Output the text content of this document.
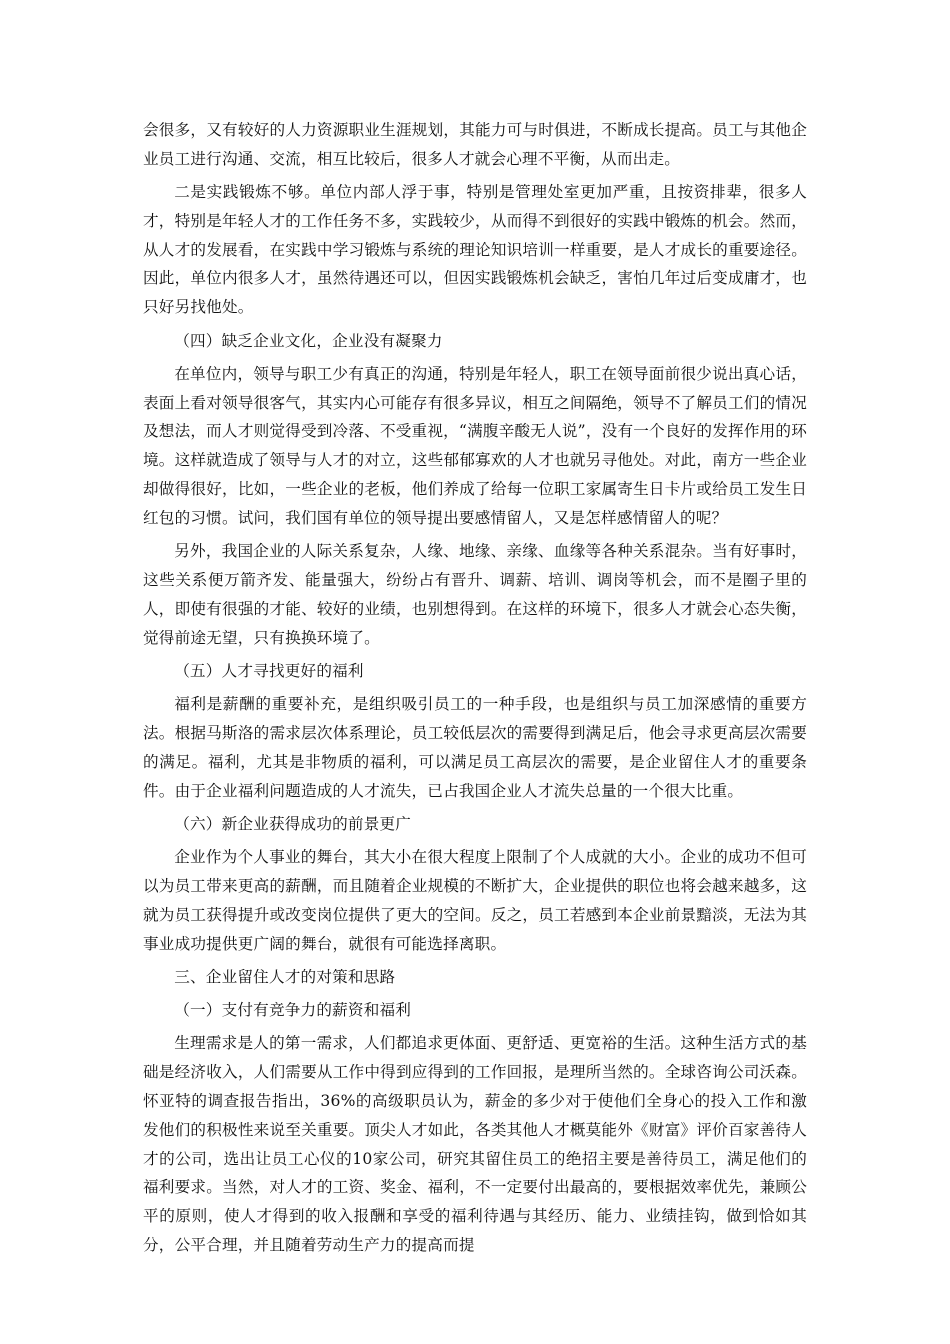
会很多，又有较好的人力资源职业生涯规划，其能力可与时俱进，不断成长提高。员工与其他企业员工进行沟通、交流，相互比较后，很多人才就会心理不平衡，从而出走。

二是实践锻炼不够。单位内部人浮于事，特别是管理处室更加严重，且按资排辈，很多人才，特别是年轻人才的工作任务不多，实践较少，从而得不到很好的实践中锻炼的机会。然而，从人才的发展看，在实践中学习锻炼与系统的理论知识培训一样重要，是人才成长的重要途径。因此，单位内很多人才，虽然待遇还可以，但因实践锻炼机会缺乏，害怕几年过后变成庸才，也只好另找他处。

（四）缺乏企业文化，企业没有凝聚力

在单位内，领导与职工少有真正的沟通，特别是年轻人，职工在领导面前很少说出真心话，表面上看对领导很客气，其实内心可能存有很多异议，相互之间隔绝，领导不了解员工们的情况及想法，而人才则觉得受到冷落、不受重视，“满腹辛酸无人说”，没有一个良好的发挥作用的环境。这样就造成了领导与人才的对立，这些郁郁寡欢的人才也就另寻他处。对此，南方一些企业却做得很好，比如，一些企业的老板，他们养成了给每一位职工家属寄生日卡片或给员工发生日红包的习惯。试问，我们国有单位的领导提出要感情留人，又是怎样感情留人的呢？

另外，我国企业的人际关系复杂，人缘、地缘、亲缘、血缘等各种关系混杂。当有好事时，这些关系便万箭齐发、能量强大，纷纷占有晋升、调薪、培训、调岗等机会，而不是圈子里的人，即使有很强的才能、较好的业绩，也别想得到。在这样的环境下，很多人才就会心态失衡，觉得前途无望，只有换换环境了。

（五）人才寻找更好的福利

福利是薪酬的重要补充，是组织吸引员工的一种手段，也是组织与员工加深感情的重要方法。根据马斯洛的需求层次体系理论，员工较低层次的需要得到满足后，他会寻求更高层次需要的满足。福利，尤其是非物质的福利，可以满足员工高层次的需要，是企业留住人才的重要条件。由于企业福利问题造成的人才流失，已占我国企业人才流失总量的一个很大比重。

（六）新企业获得成功的前景更广

企业作为个人事业的舞台，其大小在很大程度上限制了个人成就的大小。企业的成功不但可以为员工带来更高的薪酬，而且随着企业规模的不断扩大，企业提供的职位也将会越来越多，这就为员工获得提升或改变岗位提供了更大的空间。反之，员工若感到本企业前景黯淡，无法为其事业成功提供更广阔的舞台，就很有可能选择离职。

三、企业留住人才的对策和思路

（一）支付有竞争力的薪资和福利

生理需求是人的第一需求，人们都追求更体面、更舒适、更宽裕的生活。这种生活方式的基础是经济收入，人们需要从工作中得到应得到的工作回报，是理所当然的。全球咨询公司沃森。怀亚特的调查报告指出，36%的高级职员认为，薪金的多少对于使他们全身心的投入工作和激发他们的积极性来说至关重要。顶尖人才如此，各类其他人才概莫能外《财富》评价百家善待人才的公司，选出让员工心仪的10家公司，研究其留住员工的绝招主要是善待员工，满足他们的福利要求。当然，对人才的工资、奖金、福利，不一定要付出最高的，要根据效率优先，兼顾公平的原则，使人才得到的收入报酬和享受的福利待遇与其经历、能力、业绩挂钩，做到恰如其分，公平合理，并且随着劳动生产力的提高而提
